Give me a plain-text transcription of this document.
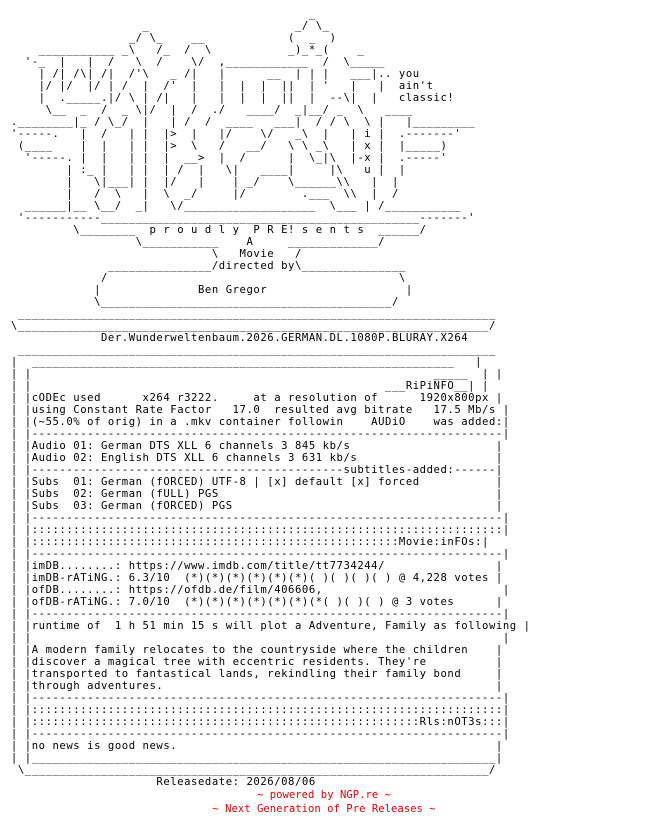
_
_                     _/ \_
_/ \_    __            (  _  )
___________ _\   /_  /  \           _)_*_(    _
'-_  |   |  /   \  /    \/  ,____________  /  \_____
| /| /\| /|  /'\   _ /|   |      __  | | |   ___|.. you
|/ |/  |/ | /  |  /'  |   |  |  |  ||  | '   |   |  ain't
|  ._____.|/ \ | /|   |   |  |  |  ||  |  --\|  |   classic!
\__  _  /  _ \|/  |  /  ./   ____/  _|__/ _  \   ____
.________|_ / \_/  |   | /  /  ____   ___|  / / \  \ |   |_________
'-----.   |  /   | |  |>  |   |/    \/   _\  |   | i |  .-------'
(____    |  |   | |  |>  \   /   __/   \ \ _\   | x |  |_____)
'-----. |  |   | |  |  __>  |  /      |  \_|\  |-x |  .-----'
| :_ |   | |  | /  |   \|   ____|     |\   u |  |
|   \|___| |  |/   |    | _/    \______\\   |  |
|   /  \   |  \  _/     |/        .___  \\  |  /
______|__ \__/  _|   \/___________________  \___ | /___________
'-----------______________________________________________-------'
\________  p r o u d l y  P R E! s e n t s  ______/
\___________    A     _____________/
\   Movie   /
_______________/directed by\_______________
/                                          \
|              Ben Gregor                    |
\__________________________________________/
_____________________________________________________________________
\____________________________________________________________________/
Der.Wunderweltenbaum.2026.GERMAN.DL.1080P.BLURAY.X264
_____________________________________________________________________
|  _____________________________________________________________   |
| |                                                          _____  | |
| |                                                   ___RiPiNFO__| |
| |cODEc used      x264 r3222.     at a resolution of      1920x800px |
| |using Constant Rate Factor   17.0  resulted avg bitrate   17.5 Mb/s |
| |(~55.0% of orig) in a .mkv container followin    AUDiO    was added:|
| |--------------------------------------------------------------------|
| |Audio 01: German DTS XLL 6 channels 3 845 kb/s                     |
| |Audio 02: English DTS XLL 6 channels 3 631 kb/s                    |
| |---------------------------------------------subtitles-added:------|
| |Subs  01: German (fORCED) UTF-8 | [x] default [x] forced           |
| |Subs  02: German (fULL) PGS                                        |
| |Subs  03: German (fORCED) PGS                                      |
| |--------------------------------------------------------------------|
| |::::::::::::::::::::::::::::::::::::::::::::::::::::::::::::::::::::|
| |:::::::::::::::::::::::::::::::::::::::::::::::::::::Movie:inFOs:|
| |--------------------------------------------------------------------|
| |imDB........: https://www.imdb.com/title/tt7734244/                |
| |imDB-rATiNG.: 6.3/10  (*)(*)(*)(*)(*)(*)( )( )( )( ) @ 4,228 votes |
| |ofDB........: https://ofdb.de/film/406606,                          |
| |ofDB-rATiNG.: 7.0/10  (*)(*)(*)(*)(*)(*)(*( )( )( ) @ 3 votes      |
| |--------------------------------------------------------------------|
| |runtime of  1 h 51 min 15 s will plot a Adventure, Family as following |
| |                                                                    |
| |A modern family relocates to the countryside where the children    |
| |discover a magical tree with eccentric residents. They're          |
| |transported to fantastical lands, rekindling their family bond     |
| |through adventures.                                                |
| |--------------------------------------------------------------------|
| |::::::::::::::::::::::::::::::::::::::::::::::::::::::::::::::::::::|
| |::::::::::::::::::::::::::::::::::::::::::::::::::::::::Rls:nOT3s:::|
| |--------------------------------------------------------------------|
| |no news is good news.                                              |
| |___________________________________________________________________|
\___________________________________________________________________/
Releasedate: 2026/08/06
~ powered by NGP.re ~
~ Next Generation of Pre Releases ~
